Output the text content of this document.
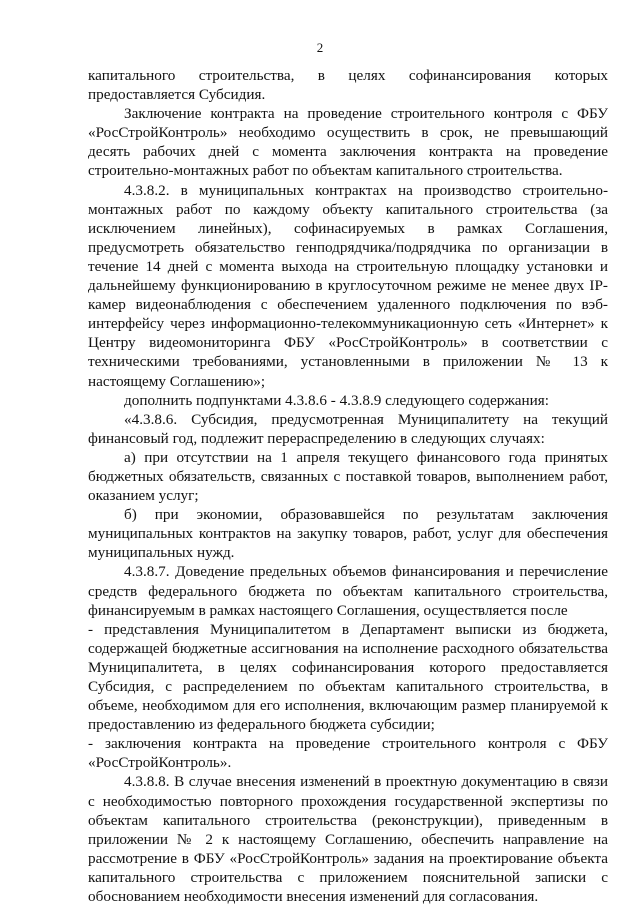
2

капитального строительства, в целях софинансирования которых предоставляется Субсидия.

Заключение контракта на проведение строительного контроля с ФБУ «РосСтройКонтроль» необходимо осуществить в срок, не превышающий десять рабочих дней с момента заключения контракта на проведение строительно-монтажных работ по объектам капитального строительства.

4.3.8.2. в муниципальных контрактах на производство строительно-монтажных работ по каждому объекту капитального строительства (за исключением линейных), софинасируемых в рамках Соглашения, предусмотреть обязательство генподрядчика/подрядчика по организации в течение 14 дней с момента выхода на строительную площадку установки и дальнейшему функционированию в круглосуточном режиме не менее двух IP-камер видеонаблюдения с обеспечением удаленного подключения по вэб-интерфейсу через информационно-телекоммуникационную сеть «Интернет» к Центру видеомониторинга ФБУ «РосСтройКонтроль» в соответствии с техническими требованиями, установленными в приложении № 13 к настоящему Соглашению»;

дополнить подпунктами 4.3.8.6 - 4.3.8.9 следующего содержания:

«4.3.8.6. Субсидия, предусмотренная Муниципалитету на текущий финансовый год, подлежит перераспределению в следующих случаях:

а) при отсутствии на 1 апреля текущего финансового года принятых бюджетных обязательств, связанных с поставкой товаров, выполнением работ, оказанием услуг;

б) при экономии, образовавшейся по результатам заключения муниципальных контрактов на закупку товаров, работ, услуг для обеспечения муниципальных нужд.

4.3.8.7. Доведение предельных объемов финансирования и перечисление средств федерального бюджета по объектам капитального строительства, финансируемым в рамках настоящего Соглашения, осуществляется после

- представления Муниципалитетом в Департамент выписки из бюджета, содержащей бюджетные ассигнования на исполнение расходного обязательства Муниципалитета, в целях софинансирования которого предоставляется Субсидия, с распределением по объектам капитального строительства, в объеме, необходимом для его исполнения, включающим размер планируемой к предоставлению из федерального бюджета субсидии;

- заключения контракта на проведение строительного контроля с ФБУ «РосСтройКонтроль».

4.3.8.8. В случае внесения изменений в проектную документацию в связи с необходимостью повторного прохождения государственной экспертизы по объектам капитального строительства (реконструкции), приведенным в приложении № 2 к настоящему Соглашению, обеспечить направление на рассмотрение в ФБУ «РосСтройКонтроль» задания на проектирование объекта капитального строительства с приложением пояснительной записки с обоснованием необходимости внесения изменений для согласования.
